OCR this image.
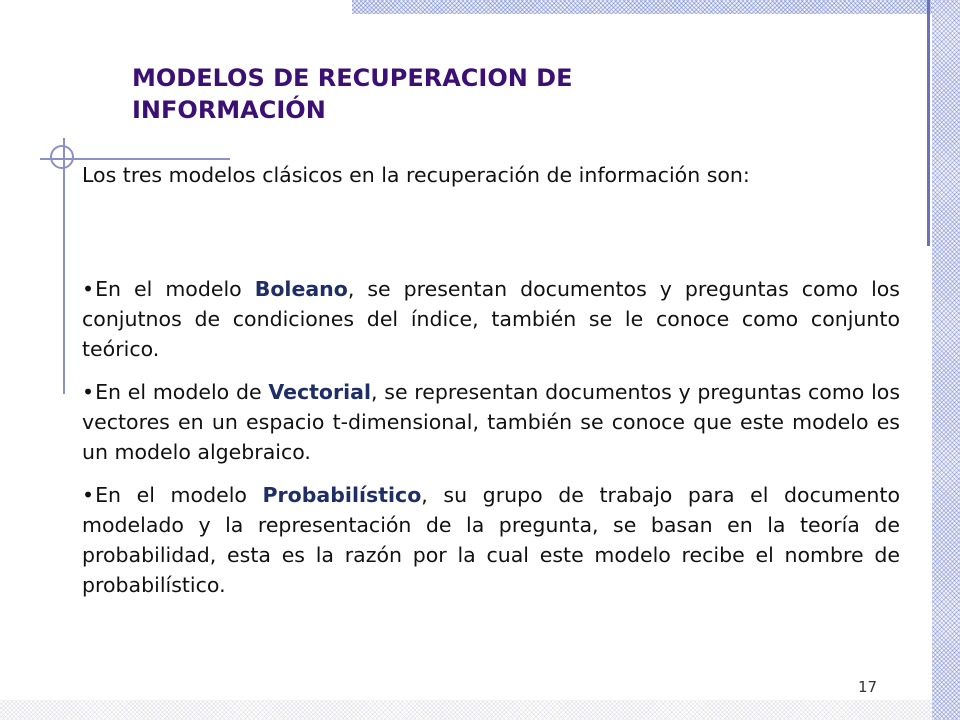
MODELOS DE RECUPERACION DE
INFORMACIÓN

Los tres modelos clásicos en la recuperación de información son:

•En el modelo Boleano, se presentan documentos y preguntas como los conjutnos de condiciones del índice, también se le conoce como conjunto teórico.

•En el modelo de Vectorial, se representan documentos y preguntas como los vectores en un espacio t-dimensional, también se conoce que este modelo es un modelo algebraico.

•En el modelo Probabilístico, su grupo de trabajo para el documento modelado y la representación de la pregunta, se basan en la teoría de probabilidad, esta es la razón por la cual este modelo recibe el nombre de probabilístico.

17
